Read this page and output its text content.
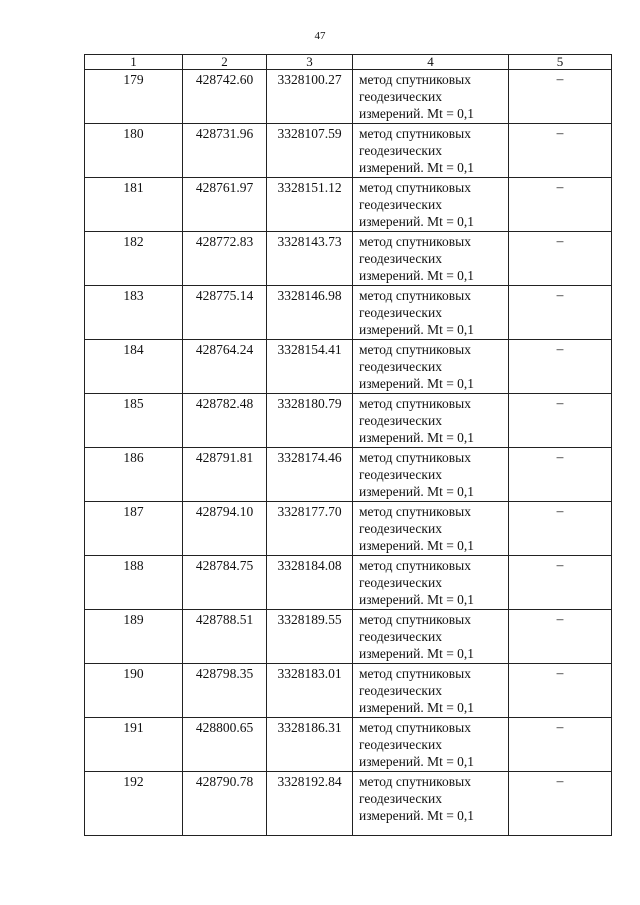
47
1	2	3	4	5
179	428742.60	3328100.27	метод спутниковых
геодезических
измерений. Mt = 0,1	–
180	428731.96	3328107.59	метод спутниковых
геодезических
измерений. Mt = 0,1	–
181	428761.97	3328151.12	метод спутниковых
геодезических
измерений. Mt = 0,1	–
182	428772.83	3328143.73	метод спутниковых
геодезических
измерений. Mt = 0,1	–
183	428775.14	3328146.98	метод спутниковых
геодезических
измерений. Mt = 0,1	–
184	428764.24	3328154.41	метод спутниковых
геодезических
измерений. Mt = 0,1	–
185	428782.48	3328180.79	метод спутниковых
геодезических
измерений. Mt = 0,1	–
186	428791.81	3328174.46	метод спутниковых
геодезических
измерений. Mt = 0,1	–
187	428794.10	3328177.70	метод спутниковых
геодезических
измерений. Mt = 0,1	–
188	428784.75	3328184.08	метод спутниковых
геодезических
измерений. Mt = 0,1	–
189	428788.51	3328189.55	метод спутниковых
геодезических
измерений. Mt = 0,1	–
190	428798.35	3328183.01	метод спутниковых
геодезических
измерений. Mt = 0,1	–
191	428800.65	3328186.31	метод спутниковых
геодезических
измерений. Mt = 0,1	–
192	428790.78	3328192.84	метод спутниковых
геодезических
измерений. Mt = 0,1	–
